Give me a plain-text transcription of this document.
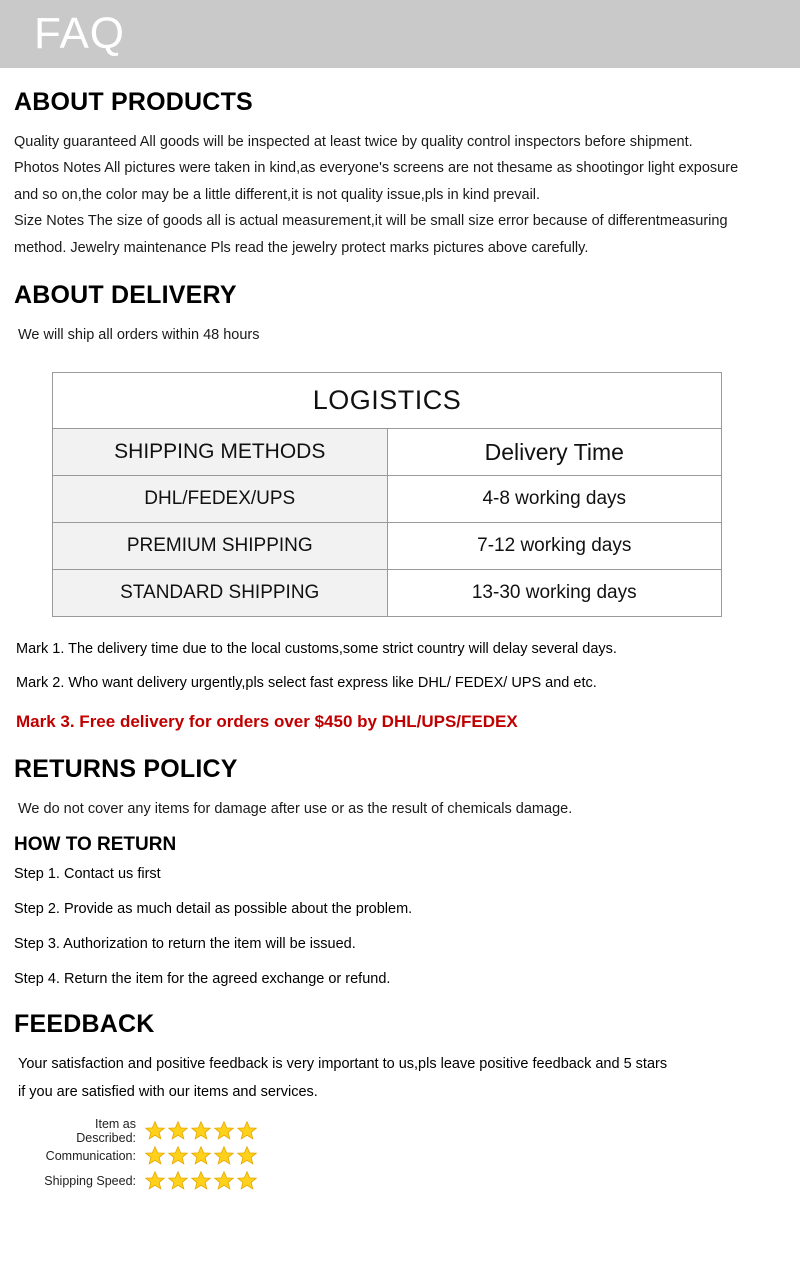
FAQ
ABOUT PRODUCTS

Quality guaranteed All goods will be inspected at least twice by quality control inspectors before shipment.

Photos Notes All pictures were taken in kind,as everyone's screens are not thesame as shootingor light exposure

and so on,the color may be a little different,it is not quality issue,pls in kind prevail.

Size Notes The size of goods all is actual measurement,it will be small size error because of differentmeasuring

method. Jewelry maintenance Pls read the jewelry protect marks pictures above carefully.

ABOUT DELIVERY

We will ship all orders within 48 hours

LOGISTICS	
SHIPPING METHODS	Delivery Time
DHL/FEDEX/UPS	4-8 working days
PREMIUM SHIPPING	7-12 working days
STANDARD SHIPPING	13-30 working days

Mark 1. The delivery time due to the local customs,some strict country will delay several days.

Mark 2. Who want delivery urgently,pls select fast express like DHL/ FEDEX/ UPS and etc.

Mark 3. Free delivery for orders over $450 by DHL/UPS/FEDEX

RETURNS POLICY

We do not cover any items for damage after use or as the result of chemicals damage.

HOW TO RETURN

Step 1. Contact us first

Step 2. Provide as much detail as possible about the problem.

Step 3. Authorization to return the item will be issued.

Step 4. Return the item for the agreed exchange or refund.

FEEDBACK

Your satisfaction and positive feedback is very important to us,pls leave positive feedback and 5 stars

if you are satisfied with our items and services.

Item as Described:
Communication:
Shipping Speed:
